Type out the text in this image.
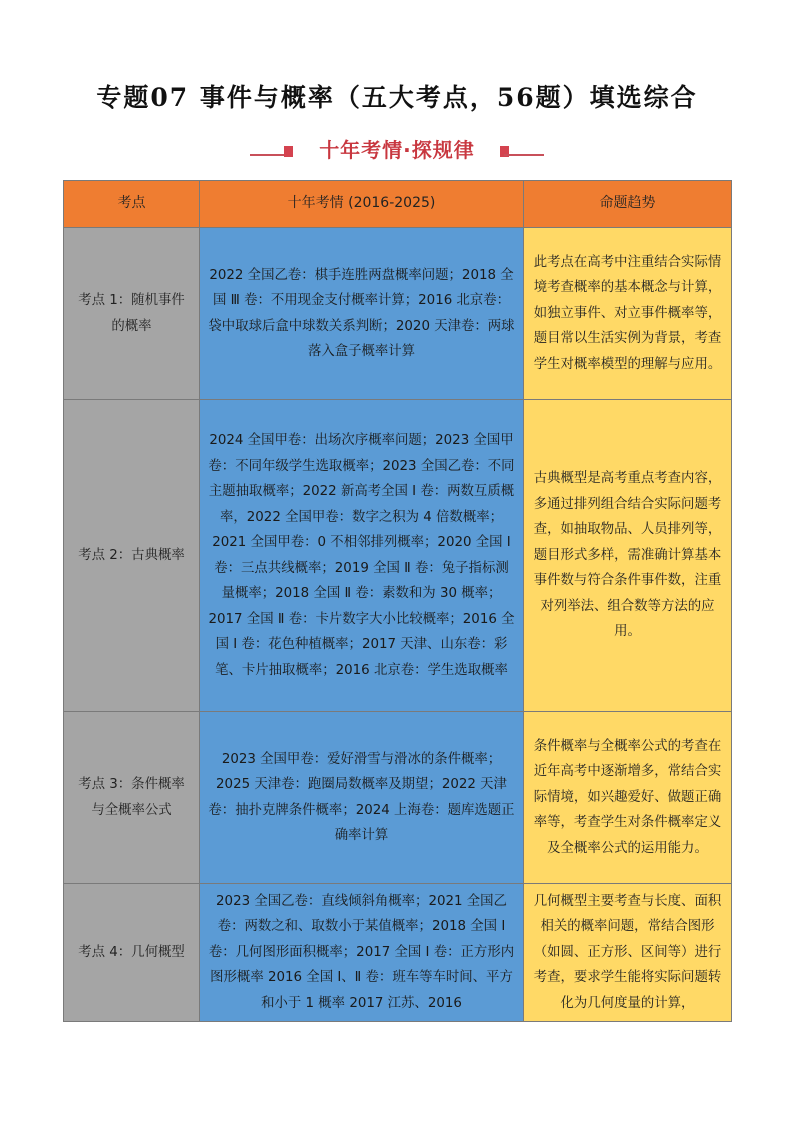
专题07 事件与概率（五大考点，56题）填选综合
十年考情·探规律
考点	十年考情 (2016-2025)	命题趋势

考点 1：随机事件的概率	2022 全国乙卷：棋手连胜两盘概率问题；2018 全国 Ⅲ 卷：不用现金支付概率计算；2016 北京卷：袋中取球后盒中球数关系判断；2020 天津卷：两球落入盒子概率计算	此考点在高考中注重结合实际情境考查概率的基本概念与计算，如独立事件、对立事件概率等，题目常以生活实例为背景，考查学生对概率模型的理解与应用。

考点 2：古典概率	2024 全国甲卷：出场次序概率问题；2023 全国甲卷：不同年级学生选取概率；2023 全国乙卷：不同主题抽取概率；2022 新高考全国 Ⅰ 卷：两数互质概率，2022 全国甲卷：数字之积为 4 倍数概率；2021 全国甲卷：0 不相邻排列概率；2020 全国 Ⅰ 卷：三点共线概率；2019 全国 Ⅱ 卷：兔子指标测量概率；2018 全国 Ⅱ 卷：素数和为 30 概率；2017 全国 Ⅱ 卷：卡片数字大小比较概率；2016 全国 Ⅰ 卷：花色种植概率；2017 天津、山东卷：彩笔、卡片抽取概率；2016 北京卷：学生选取概率	古典概型是高考重点考查内容，多通过排列组合结合实际问题考查，如抽取物品、人员排列等，题目形式多样，需准确计算基本事件数与符合条件事件数，注重对列举法、组合数等方法的应用。

考点 3：条件概率与全概率公式	2023 全国甲卷：爱好滑雪与滑冰的条件概率；2025 天津卷：跑圈局数概率及期望；2022 天津卷：抽扑克牌条件概率；2024 上海卷：题库选题正确率计算	条件概率与全概率公式的考查在近年高考中逐渐增多，常结合实际情境，如兴趣爱好、做题正确率等，考查学生对条件概率定义及全概率公式的运用能力。

考点 4：几何概型	2023 全国乙卷：直线倾斜角概率；2021 全国乙卷：两数之和、取数小于某值概率；2018 全国 Ⅰ 卷：几何图形面积概率；2017 全国 Ⅰ 卷：正方形内图形概率 2016 全国 Ⅰ、Ⅱ 卷：班车等车时间、平方和小于 1 概率 2017 江苏、2016	几何概型主要考查与长度、面积相关的概率问题，常结合图形（如圆、正方形、区间等）进行考查，要求学生能将实际问题转化为几何度量的计算，
